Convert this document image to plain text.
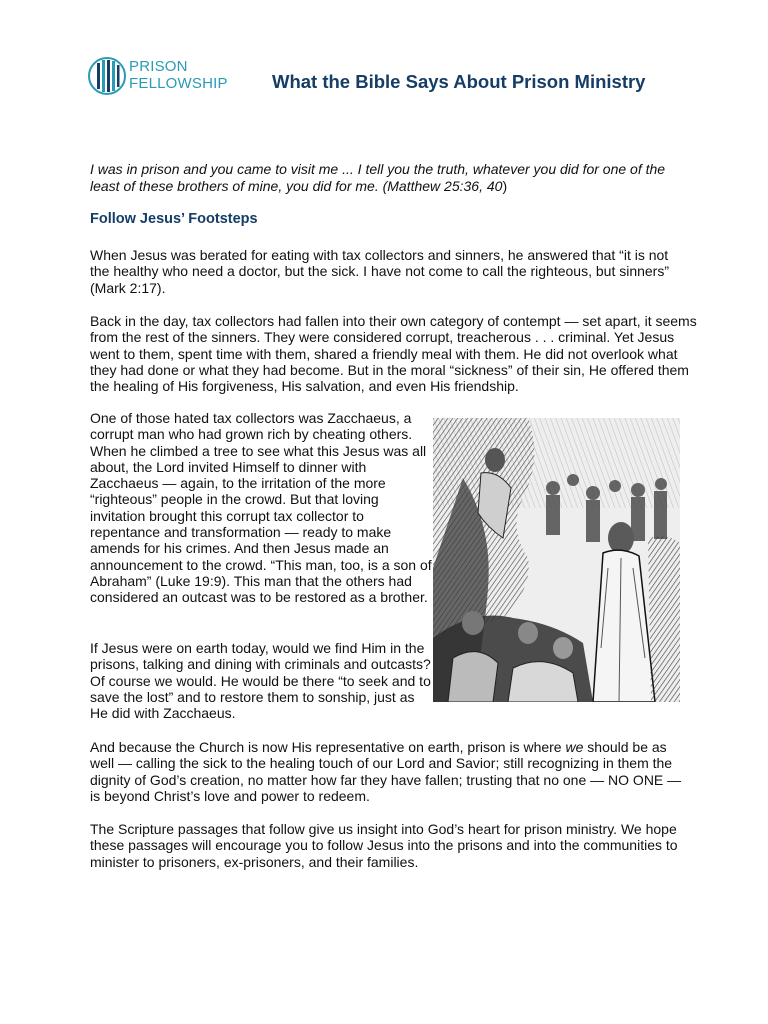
PRISON
FELLOWSHIP What the Bible Says About Prison Ministry
I was in prison and you came to visit me ... I tell you the truth, whatever you did for one of the least of these brothers of mine, you did for me. (Matthew 25:36, 40)
Follow Jesus’ Footsteps

When Jesus was berated for eating with tax collectors and sinners, he answered that “it is not the healthy who need a doctor, but the sick. I have not come to call the righteous, but sinners” (Mark 2:17).

Back in the day, tax collectors had fallen into their own category of contempt — set apart, it seems from the rest of the sinners. They were considered corrupt, treacherous . . . criminal. Yet Jesus went to them, spent time with them, shared a friendly meal with them. He did not overlook what they had done or what they had become. But in the moral “sickness” of their sin, He offered them the healing of His forgiveness, His salvation, and even His friendship.

One of those hated tax collectors was Zacchaeus, a corrupt man who had grown rich by cheating others. When he climbed a tree to see what this Jesus was all about, the Lord invited Himself to dinner with Zacchaeus — again, to the irritation of the more “righteous” people in the crowd. But that loving invitation brought this corrupt tax collector to repentance and transformation — ready to make amends for his crimes. And then Jesus made an announcement to the crowd. “This man, too, is a son of Abraham” (Luke 19:9). This man that the others had considered an outcast was to be restored as a brother.

If Jesus were on earth today, would we find Him in the prisons, talking and dining with criminals and outcasts? Of course we would. He would be there “to seek and to save the lost” and to restore them to sonship, just as He did with Zacchaeus.

And because the Church is now His representative on earth, prison is where we should be as well — calling the sick to the healing touch of our Lord and Savior; still recognizing in them the dignity of God’s creation, no matter how far they have fallen; trusting that no one — NO ONE — is beyond Christ’s love and power to redeem.

The Scripture passages that follow give us insight into God’s heart for prison ministry. We hope these passages will encourage you to follow Jesus into the prisons and into the communities to minister to prisoners, ex-prisoners, and their families.
